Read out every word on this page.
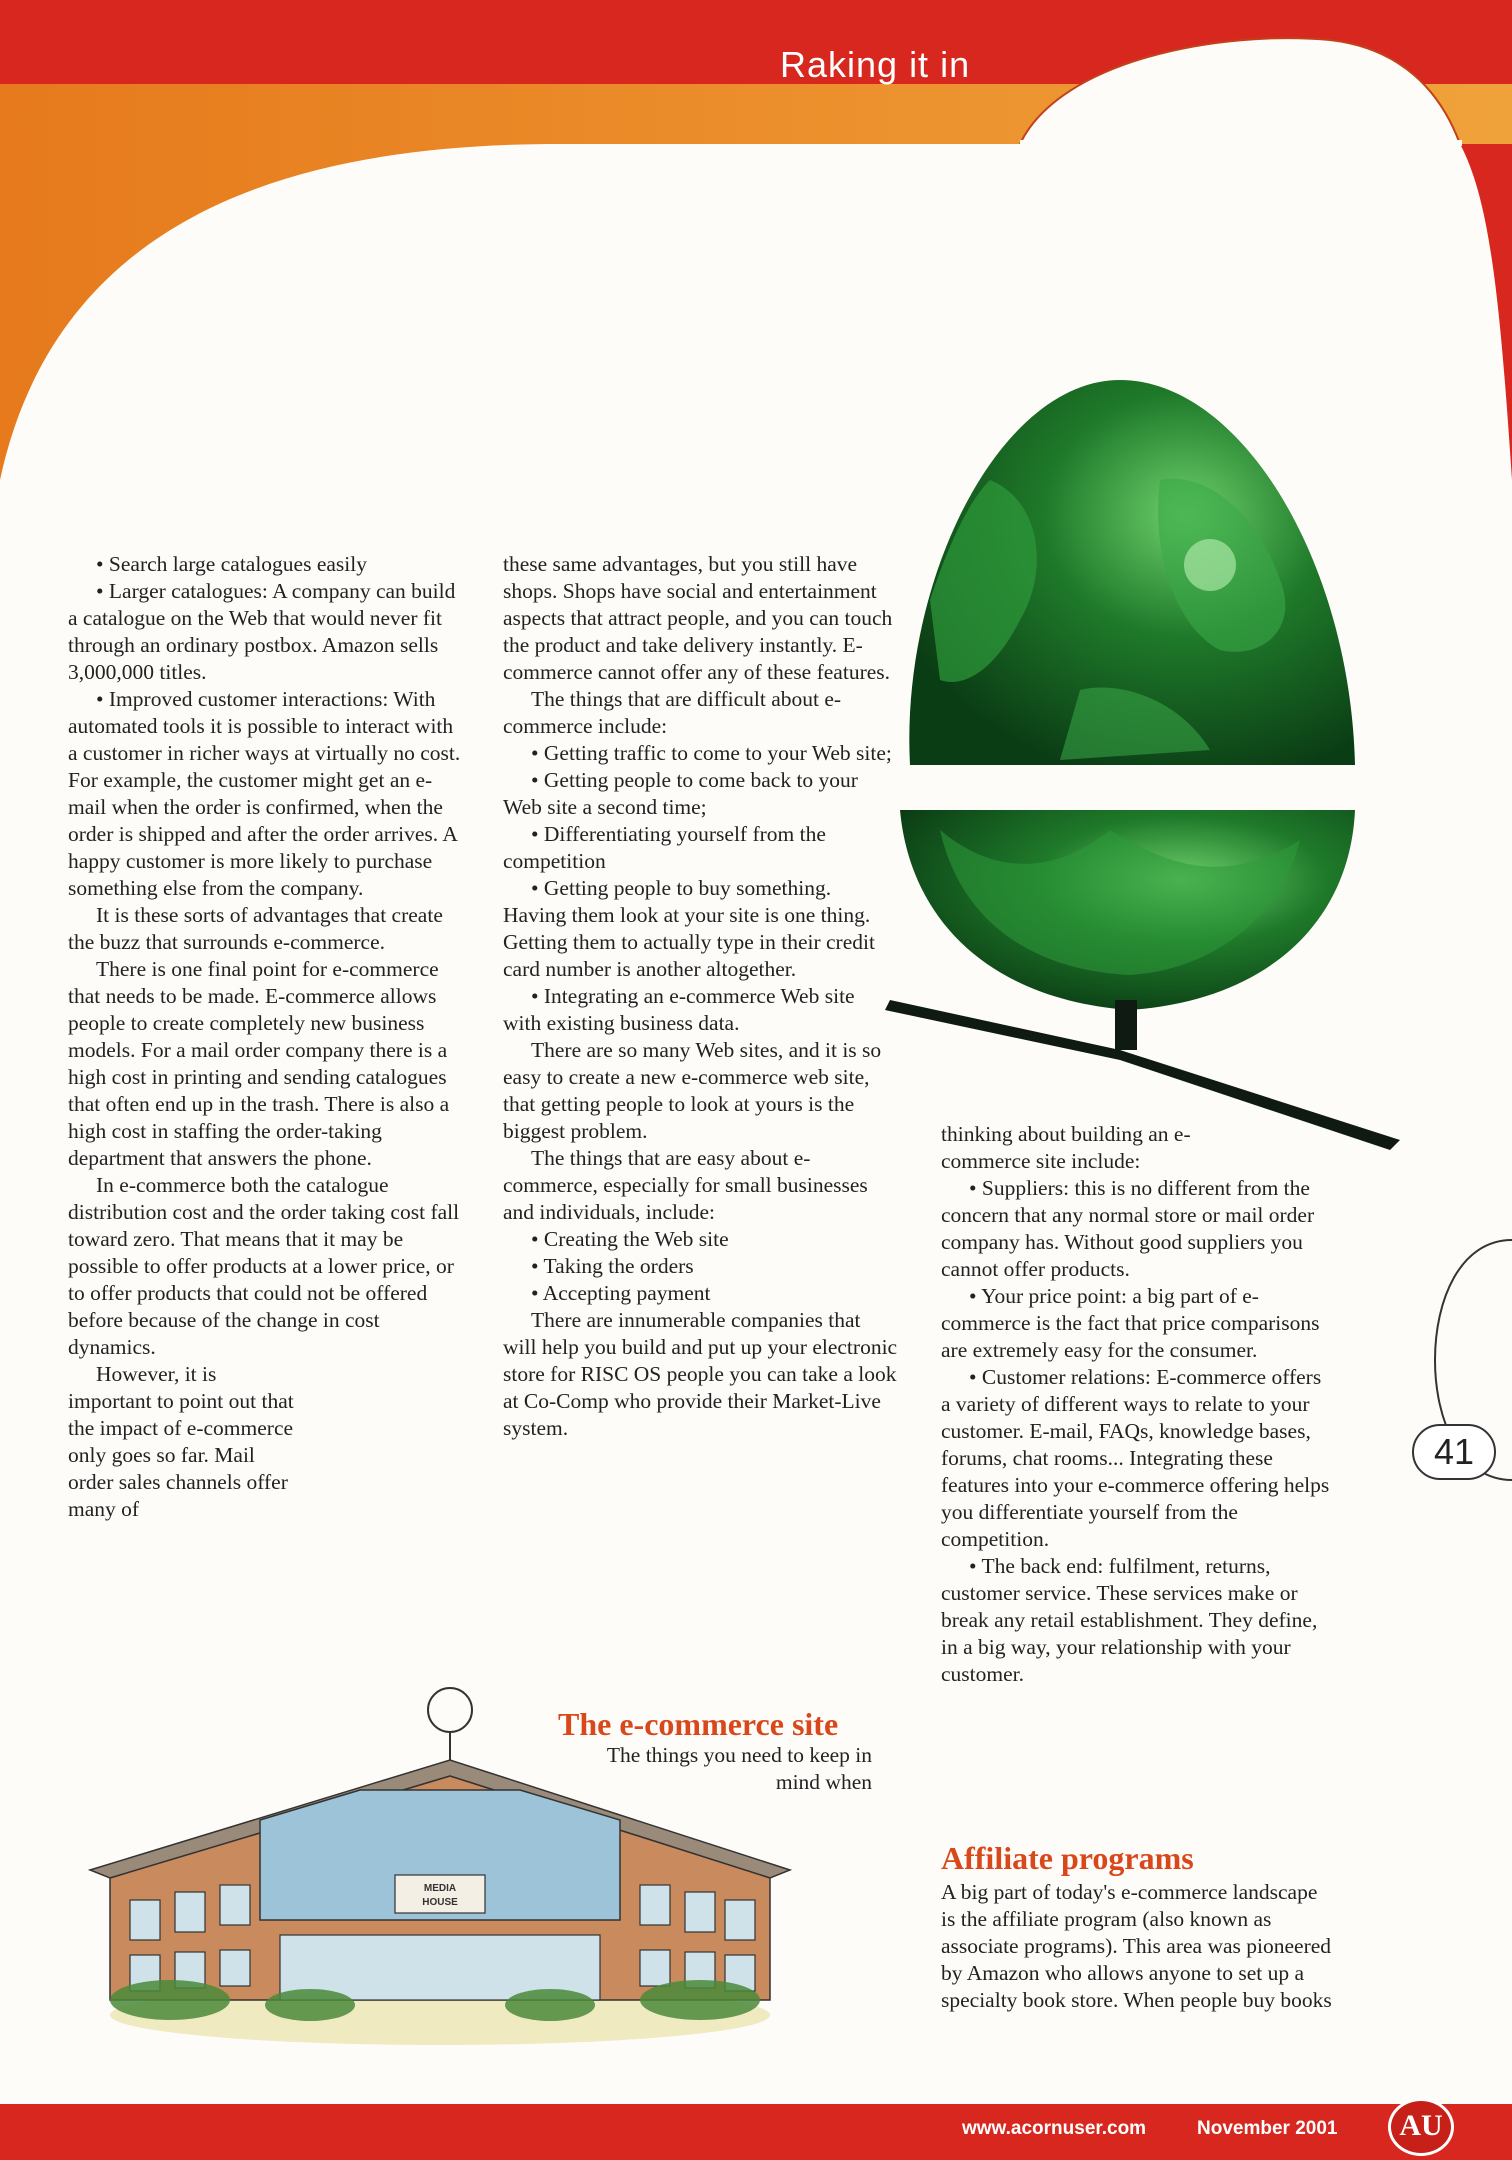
Raking it in

• Search large catalogues easily

• Larger catalogues: A company can build a catalogue on the Web that would never fit through an ordinary postbox. Amazon sells 3,000,000 titles.

• Improved customer interactions: With automated tools it is possible to interact with a customer in richer ways at virtually no cost. For example, the customer might get an e-mail when the order is confirmed, when the order is shipped and after the order arrives. A happy customer is more likely to purchase something else from the company.

It is these sorts of advantages that create the buzz that surrounds e-commerce.

There is one final point for e-commerce that needs to be made. E-commerce allows people to create completely new business models. For a mail order company there is a high cost in printing and sending catalogues that often end up in the trash. There is also a high cost in staffing the order-taking department that answers the phone.

In e-commerce both the catalogue distribution cost and the order taking cost fall toward zero. That means that it may be possible to offer products at a lower price, or to offer products that could not be offered before because of the change in cost dynamics.

However, it is important to point out that the impact of e-commerce only goes so far. Mail order sales channels offer many of

these same advantages, but you still have shops. Shops have social and entertainment aspects that attract people, and you can touch the product and take delivery instantly. E-commerce cannot offer any of these features.

The things that are difficult about e-commerce include:

• Getting traffic to come to your Web site;

• Getting people to come back to your Web site a second time;

• Differentiating yourself from the competition

• Getting people to buy something. Having them look at your site is one thing. Getting them to actually type in their credit card number is another altogether.

• Integrating an e-commerce Web site with existing business data.

There are so many Web sites, and it is so easy to create a new e-commerce web site, that getting people to look at yours is the biggest problem.

The things that are easy about e-commerce, especially for small businesses and individuals, include:

• Creating the Web site

• Taking the orders

• Accepting payment

There are innumerable companies that will help you build and put up your electronic store for RISC OS people you can take a look at Co-Comp who provide their Market-Live system.

The e-commerce site
The things you need to keep in mind when

thinking about building an e-commerce site include:

• Suppliers: this is no different from the concern that any normal store or mail order company has. Without good suppliers you cannot offer products.

• Your price point: a big part of e-commerce is the fact that price comparisons are extremely easy for the consumer.

• Customer relations: E-commerce offers a variety of different ways to relate to your customer. E-mail, FAQs, knowledge bases, forums, chat rooms... Integrating these features into your e-commerce offering helps you differentiate yourself from the competition.

• The back end: fulfilment, returns, customer service. These services make or break any retail establishment. They define, in a big way, your relationship with your customer.

Affiliate programs
A big part of today's e-commerce landscape is the affiliate program (also known as associate programs). This area was pioneered by Amazon who allows anyone to set up a specialty book store. When people buy books
MEDIA
HOUSE
41
www.acornuser.com	November 2001	AU
